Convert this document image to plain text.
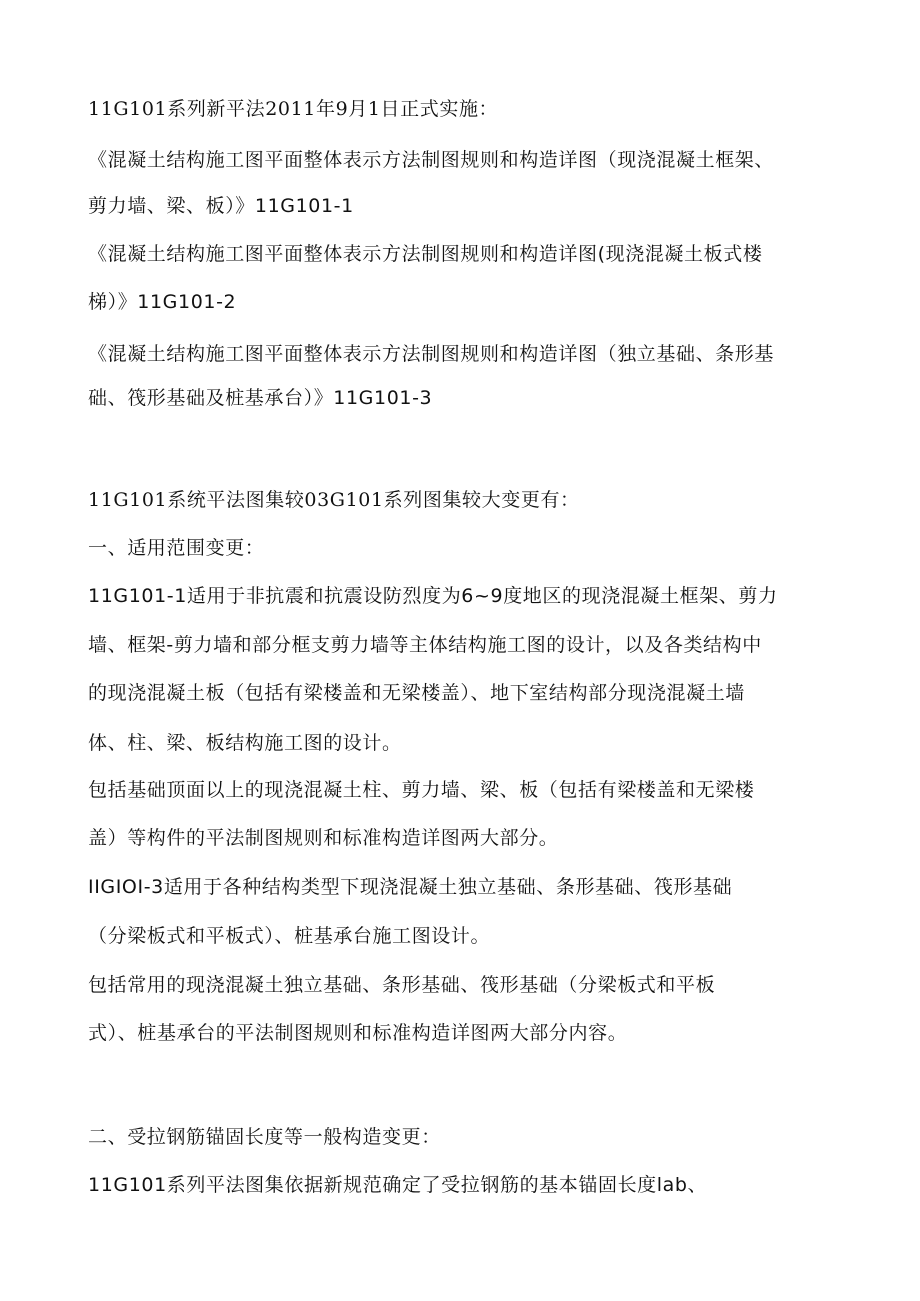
11G101系列新平法2011年9月1日正式实施：
《混凝土结构施工图平面整体表示方法制图规则和构造详图（现浇混凝土框架、
剪力墙、梁、板）》11G101-1
《混凝土结构施工图平面整体表示方法制图规则和构造详图(现浇混凝土板式楼
梯）》11G101-2
《混凝土结构施工图平面整体表示方法制图规则和构造详图（独立基础、条形基
础、筏形基础及桩基承台）》11G101-3
11G101系统平法图集较03G101系列图集较大变更有：
一、适用范围变更：
11G101-1适用于非抗震和抗震设防烈度为6~9度地区的现浇混凝土框架、剪力
墙、框架-剪力墙和部分框支剪力墙等主体结构施工图的设计，以及各类结构中
的现浇混凝土板（包括有梁楼盖和无梁楼盖）、地下室结构部分现浇混凝土墙
体、柱、梁、板结构施工图的设计。
包括基础顶面以上的现浇混凝土柱、剪力墙、梁、板（包括有梁楼盖和无梁楼
盖）等构件的平法制图规则和标准构造详图两大部分。
IIGIOI-3适用于各种结构类型下现浇混凝土独立基础、条形基础、筏形基础
（分梁板式和平板式）、桩基承台施工图设计。
包括常用的现浇混凝土独立基础、条形基础、筏形基础（分梁板式和平板
式）、桩基承台的平法制图规则和标准构造详图两大部分内容。
二、受拉钢筋锚固长度等一般构造变更：
11G101系列平法图集依据新规范确定了受拉钢筋的基本锚固长度lab、
